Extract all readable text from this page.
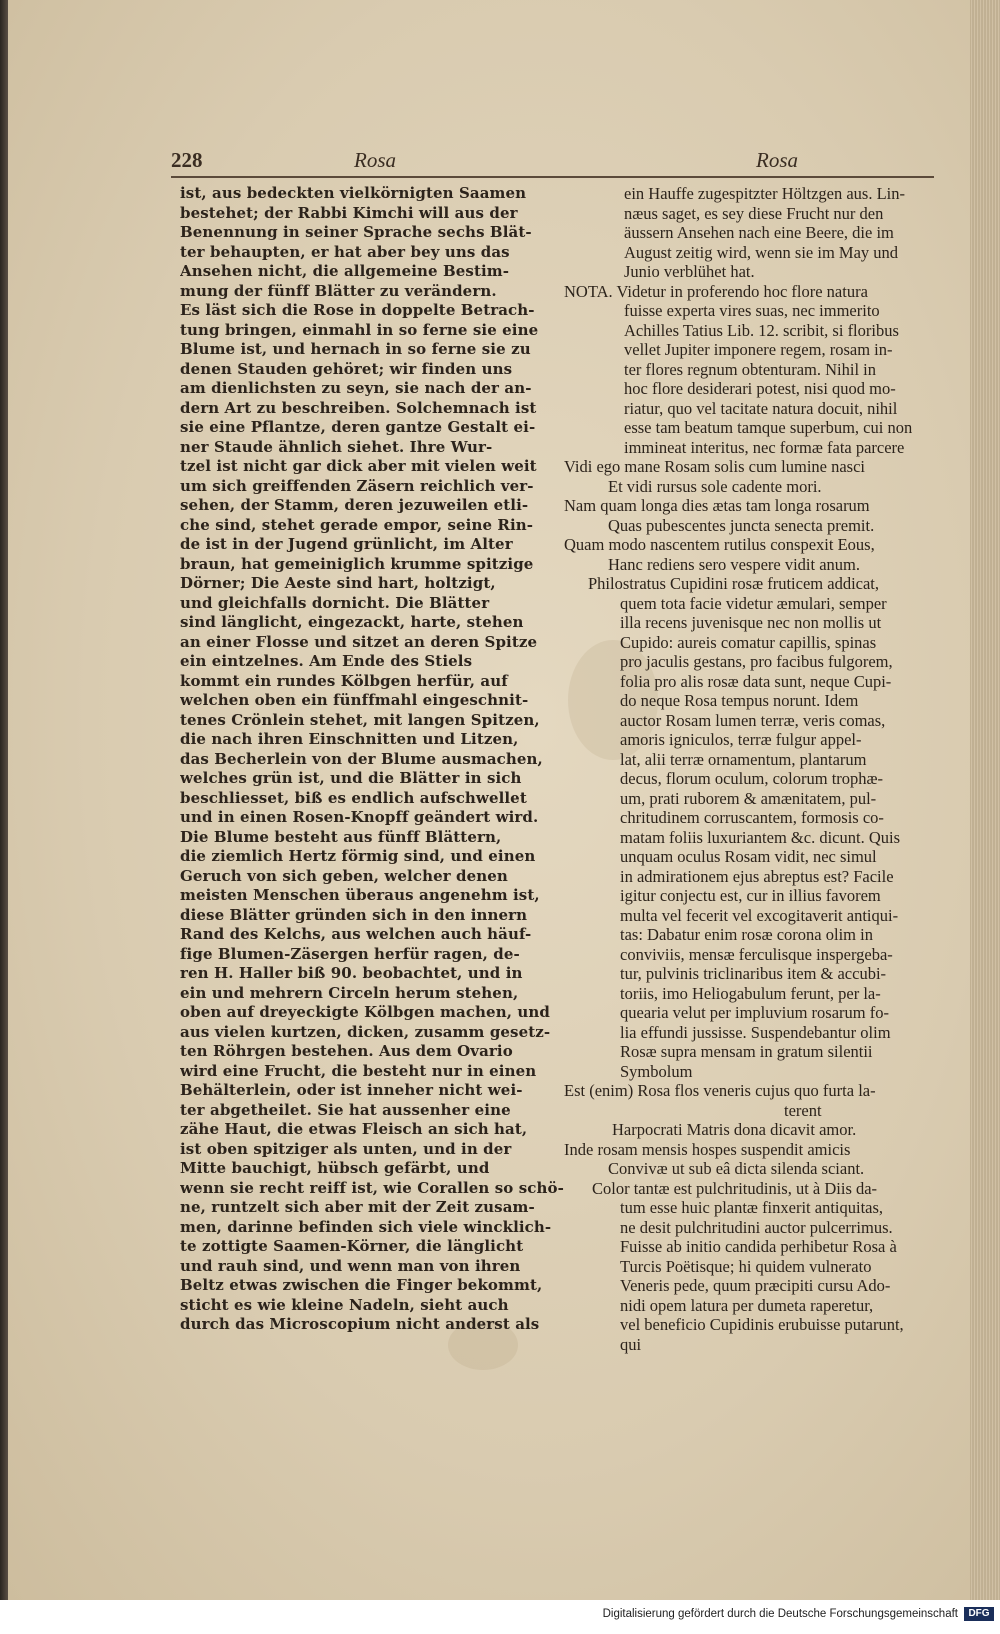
228	Rosa	Rosa
ist, aus bedeckten vielkörnigten Saamen
bestehet; der Rabbi Kimchi will aus der
Benennung in seiner Sprache sechs Blät-
ter behaupten, er hat aber bey uns das
Ansehen nicht, die allgemeine Bestim-
mung der fünff Blätter zu verändern.
Es läst sich die Rose in doppelte Betrach-
tung bringen, einmahl in so ferne sie eine
Blume ist, und hernach in so ferne sie zu
denen Stauden gehöret; wir finden uns
am dienlichsten zu seyn, sie nach der an-
dern Art zu beschreiben. Solchemnach ist
sie eine Pflantze, deren gantze Gestalt ei-
ner Staude ähnlich siehet. Ihre Wur-
tzel ist nicht gar dick aber mit vielen weit
um sich greiffenden Zäsern reichlich ver-
sehen, der Stamm, deren jezuweilen etli-
che sind, stehet gerade empor, seine Rin-
de ist in der Jugend grünlicht, im Alter
braun, hat gemeiniglich krumme spitzige
Dörner; Die Aeste sind hart, holtzigt,
und gleichfalls dornicht. Die Blätter
sind länglicht, eingezackt, harte, stehen
an einer Flosse und sitzet an deren Spitze
ein eintzelnes. Am Ende des Stiels
kommt ein rundes Kölbgen herfür, auf
welchen oben ein fünffmahl eingeschnit-
tenes Crönlein stehet, mit langen Spitzen,
die nach ihren Einschnitten und Litzen,
das Becherlein von der Blume ausmachen,
welches grün ist, und die Blätter in sich
beschliesset, biß es endlich aufschwellet
und in einen Rosen-Knopff geändert wird.
Die Blume besteht aus fünff Blättern,
die ziemlich Hertz förmig sind, und einen
Geruch von sich geben, welcher denen
meisten Menschen überaus angenehm ist,
diese Blätter gründen sich in den innern
Rand des Kelchs, aus welchen auch häuf-
fige Blumen-Zäsergen herfür ragen, de-
ren H. Haller biß 90. beobachtet, und in
ein und mehrern Circeln herum stehen,
oben auf dreyeckigte Kölbgen machen, und
aus vielen kurtzen, dicken, zusamm gesetz-
ten Röhrgen bestehen. Aus dem Ovario
wird eine Frucht, die besteht nur in einen
Behälterlein, oder ist inneher nicht wei-
ter abgetheilet. Sie hat aussenher eine
zähe Haut, die etwas Fleisch an sich hat,
ist oben spitziger als unten, und in der
Mitte bauchigt, hübsch gefärbt, und
wenn sie recht reiff ist, wie Corallen so schö-
ne, runtzelt sich aber mit der Zeit zusam-
men, darinne befinden sich viele wincklich-
te zottigte Saamen-Körner, die länglicht
und rauh sind, und wenn man von ihren
Beltz etwas zwischen die Finger bekommt,
sticht es wie kleine Nadeln, sieht auch
durch das Microscopium nicht anderst als
ein Hauffe zugespitzter Höltzgen aus. Lin-
næus saget, es sey diese Frucht nur den
äussern Ansehen nach eine Beere, die im
August zeitig wird, wenn sie im May und
Junio verblühet hat.
NOTA. Videtur in proferendo hoc flore natura
fuisse experta vires suas, nec immerito
Achilles Tatius Lib. 12. scribit, si floribus
vellet Jupiter imponere regem, rosam in-
ter flores regnum obtenturam. Nihil in
hoc flore desiderari potest, nisi quod mo-
riatur, quo vel tacitate natura docuit, nihil
esse tam beatum tamque superbum, cui non
immineat interitus, nec formæ fata parcere
Vidi ego mane Rosam solis cum lumine nasci
Et vidi rursus sole cadente mori.
Nam quam longa dies ætas tam longa rosarum
Quas pubescentes juncta senecta premit.
Quam modo nascentem rutilus conspexit Eous,
Hanc rediens sero vespere vidit anum.
Philostratus Cupidini rosæ fruticem addicat,
quem tota facie videtur æmulari, semper
illa recens juvenisque nec non mollis ut
Cupido: aureis comatur capillis, spinas
pro jaculis gestans, pro facibus fulgorem,
folia pro alis rosæ data sunt, neque Cupi-
do neque Rosa tempus norunt. Idem
auctor Rosam lumen terræ, veris comas,
amoris igniculos, terræ fulgur appel-
lat, alii terræ ornamentum, plantarum
decus, florum oculum, colorum trophæ-
um, prati ruborem & amænitatem, pul-
chritudinem corruscantem, formosis co-
matam foliis luxuriantem &c. dicunt. Quis
unquam oculus Rosam vidit, nec simul
in admirationem ejus abreptus est? Facile
igitur conjectu est, cur in illius favorem
multa vel fecerit vel excogitaverit antiqui-
tas: Dabatur enim rosæ corona olim in
conviviis, mensæ ferculisque inspergeba-
tur, pulvinis triclinaribus item & accubi-
toriis, imo Heliogabulum ferunt, per la-
quearia velut per impluvium rosarum fo-
lia effundi jussisse. Suspendebantur olim
Rosæ supra mensam in gratum silentii
Symbolum
Est (enim) Rosa flos veneris cujus quo furta la-
terent
Harpocrati Matris dona dicavit amor.
Inde rosam mensis hospes suspendit amicis
Convivæ ut sub eâ dicta silenda sciant.
Color tantæ est pulchritudinis, ut à Diis da-
tum esse huic plantæ finxerit antiquitas,
ne desit pulchritudini auctor pulcerrimus.
Fuisse ab initio candida perhibetur Rosa à
Turcis Poëtisque; hi quidem vulnerato
Veneris pede, quum præcipiti cursu Ado-
nidi opem latura per dumeta raperetur,
vel beneficio Cupidinis erubuisse putarunt,
qui
Digitalisierung gefördert durch die Deutsche Forschungsgemeinschaft	DFG
